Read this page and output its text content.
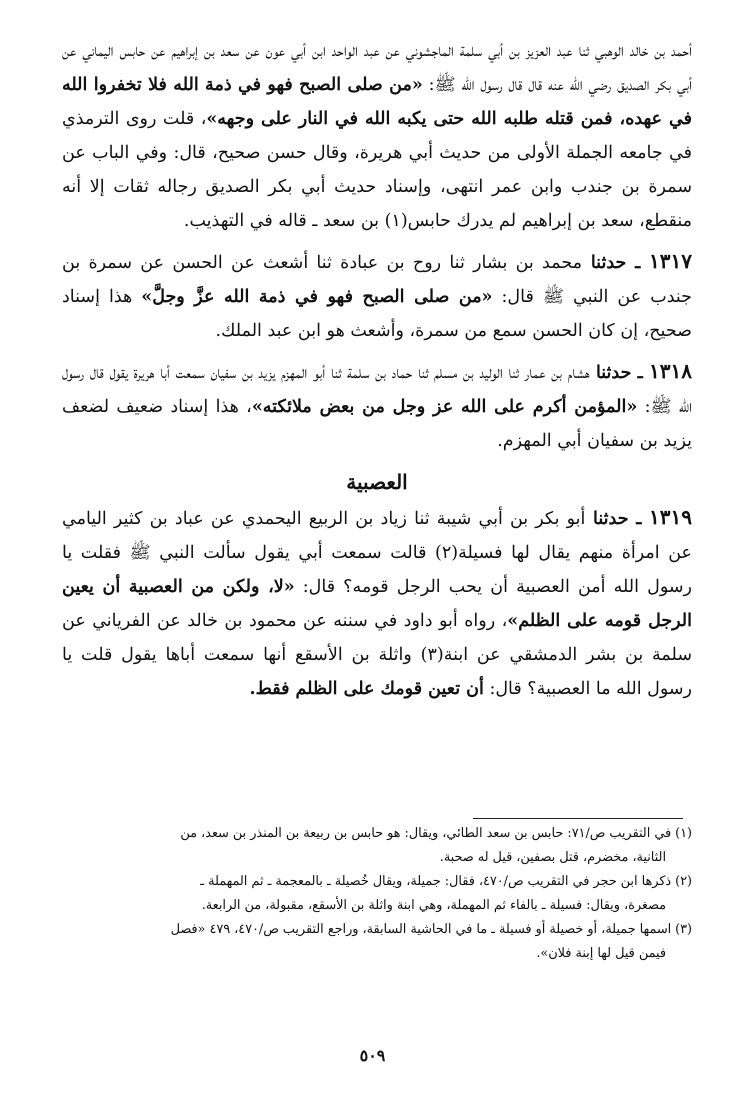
أحمد بن خالد الوهبي ثنا عبد العزيز بن أبي سلمة الماجشوني عن عبد الواحد ابن أبي عون عن سعد بن إبراهيم عن حابس اليماني عن أبي بكر الصديق رضي الله عنه قال قال رسول الله ﷺ: «من صلى الصبح فهو في ذمة الله فلا تخفروا الله في عهده، فمن قتله طلبه الله حتى يكبه الله في النار على وجهه»، قلت روى الترمذي في جامعه الجملة الأولى من حديث أبي هريرة، وقال حسن صحيح، قال: وفي الباب عن سمرة بن جندب وابن عمر انتهى، وإسناد حديث أبي بكر الصديق رجاله ثقات إلا أنه منقطع، سعد بن إبراهيم لم يدرك حابس(١) بن سعد ـ قاله في التهذيب.

١٣١٧ ـ حدثنا محمد بن بشار ثنا روح بن عبادة ثنا أشعث عن الحسن عن سمرة بن جندب عن النبي ﷺ قال: «من صلى الصبح فهو في ذمة الله عزَّ وجلَّ» هذا إسناد صحيح، إن كان الحسن سمع من سمرة، وأشعث هو ابن عبد الملك.

١٣١٨ ـ حدثنا هشام بن عمار ثنا الوليد بن مسلم ثنا حماد بن سلمة ثنا أبو المهزم يزيد بن سفيان سمعت أبا هريرة يقول قال رسول الله ﷺ: «المؤمن أكرم على الله عز وجل من بعض ملائكته»، هذا إسناد ضعيف لضعف يزيد بن سفيان أبي المهزم.

العصبية

١٣١٩ ـ حدثنا أبو بكر بن أبي شيبة ثنا زياد بن الربيع اليحمدي عن عباد بن كثير اليامي عن امرأة منهم يقال لها فسيلة(٢) قالت سمعت أبي يقول سألت النبي ﷺ فقلت يا رسول الله أمن العصبية أن يحب الرجل قومه؟ قال: «لا، ولكن من العصبية أن يعين الرجل قومه على الظلم»، رواه أبو داود في سننه عن محمود بن خالد عن الفرياني عن سلمة بن بشر الدمشقي عن ابنة(٣) واثلة بن الأسقع أنها سمعت أباها يقول قلت يا رسول الله ما العصبية؟ قال: أن تعين قومك على الظلم فقط.

(١)في التقريب ص/٧١: حابس بن سعد الطائي، ويقال: هو حابس بن ربيعة بن المنذر بن سعد، من
الثانية، مخضرم، قتل بصفين، قيل له صحبة.

(٢)ذكرها ابن حجر في التقريب ص/٤٧٠، فقال: جميلة، ويقال خُصيلة ـ بالمعجمة ـ ثم المهملة ـ
مصغرة، ويقال: فسيلة ـ بالفاء ثم المهملة، وهي ابنة واثلة بن الأسقع، مقبولة، من الرابعة.

(٣)اسمها جميلة، أو خصيلة أو فسيلة ـ ما في الحاشية السابقة، وراجع التقريب ص/٤٧٠، ٤٧٩ «فصل
فيمن قيل لها إبنة فلان».

٥٠٩
